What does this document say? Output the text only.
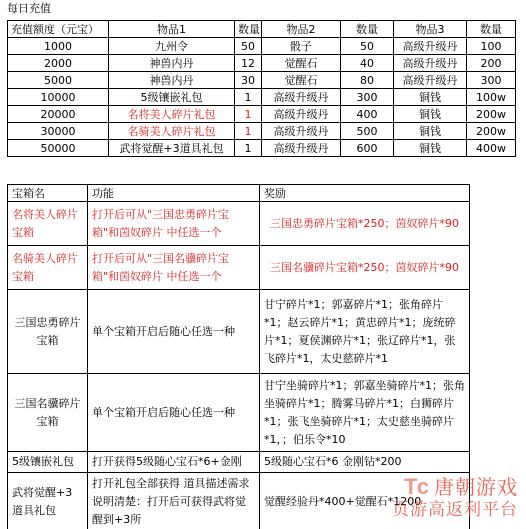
每日充值
充值额度（元宝）	物品1	数量	物品2	数量	物品3	数量
1000	九州令	50	骰子	50	高级升级丹	100
2000	神兽内丹	12	觉醒石	40	高级升级丹	200
5000	神兽内丹	30	觉醒石	80	高级升级丹	300
10000	5级镶嵌礼包	1	高级升级丹	300	铜钱	100w
20000	名将美人碎片礼包	1	高级升级丹	400	铜钱	200w
30000	名骑美人碎片礼包	1	高级升级丹	500	铜钱	200w
50000	武将觉醒+3道具礼包	1	高级升级丹	600	铜钱	400w
宝箱名	功能	奖励
名将美人碎片宝箱	打开后可从"三国忠勇碎片宝箱"和茵奴碎片 中任选一个	三国忠勇碎片宝箱*250；茵奴碎片*90
名骑美人碎片宝箱	打开后可从"三国名骥碎片宝箱"和茵奴碎片 中任选一个	三国名骥碎片宝箱*250；茵奴碎片*90
三国忠勇碎片宝箱	单个宝箱开启后随心任选一种	甘宁碎片*1；郭嘉碎片*1；张角碎片*1；赵云碎片*1；黄忠碎片*1；庞统碎片*1；夏侯渊碎片*1；张辽碎片*1，张飞碎片*1，太史慈碎片*1
三国名骥碎片宝箱	单个宝箱开启后随心任选一种	甘宁坐骑碎片*1；郭嘉坐骑碎片*1；张角坐骑碎片*1；腾雾马碎片*1；白狮碎片*1；张飞坐骑碎片*1；太史慈坐骑碎片*1，；伯乐令*10
5级镶嵌礼包	打开获得5级随心宝石*6+金刚	5级随心宝石*6 金刚钻*200
武将觉醒+3道具礼包	打开礼包全部获得 道具描述需求说明清楚：打开后可获得武将觉醒到+3所	觉醒经验丹*400+觉醒石*1200
Tc 唐朝游戏
页游高返利平台
